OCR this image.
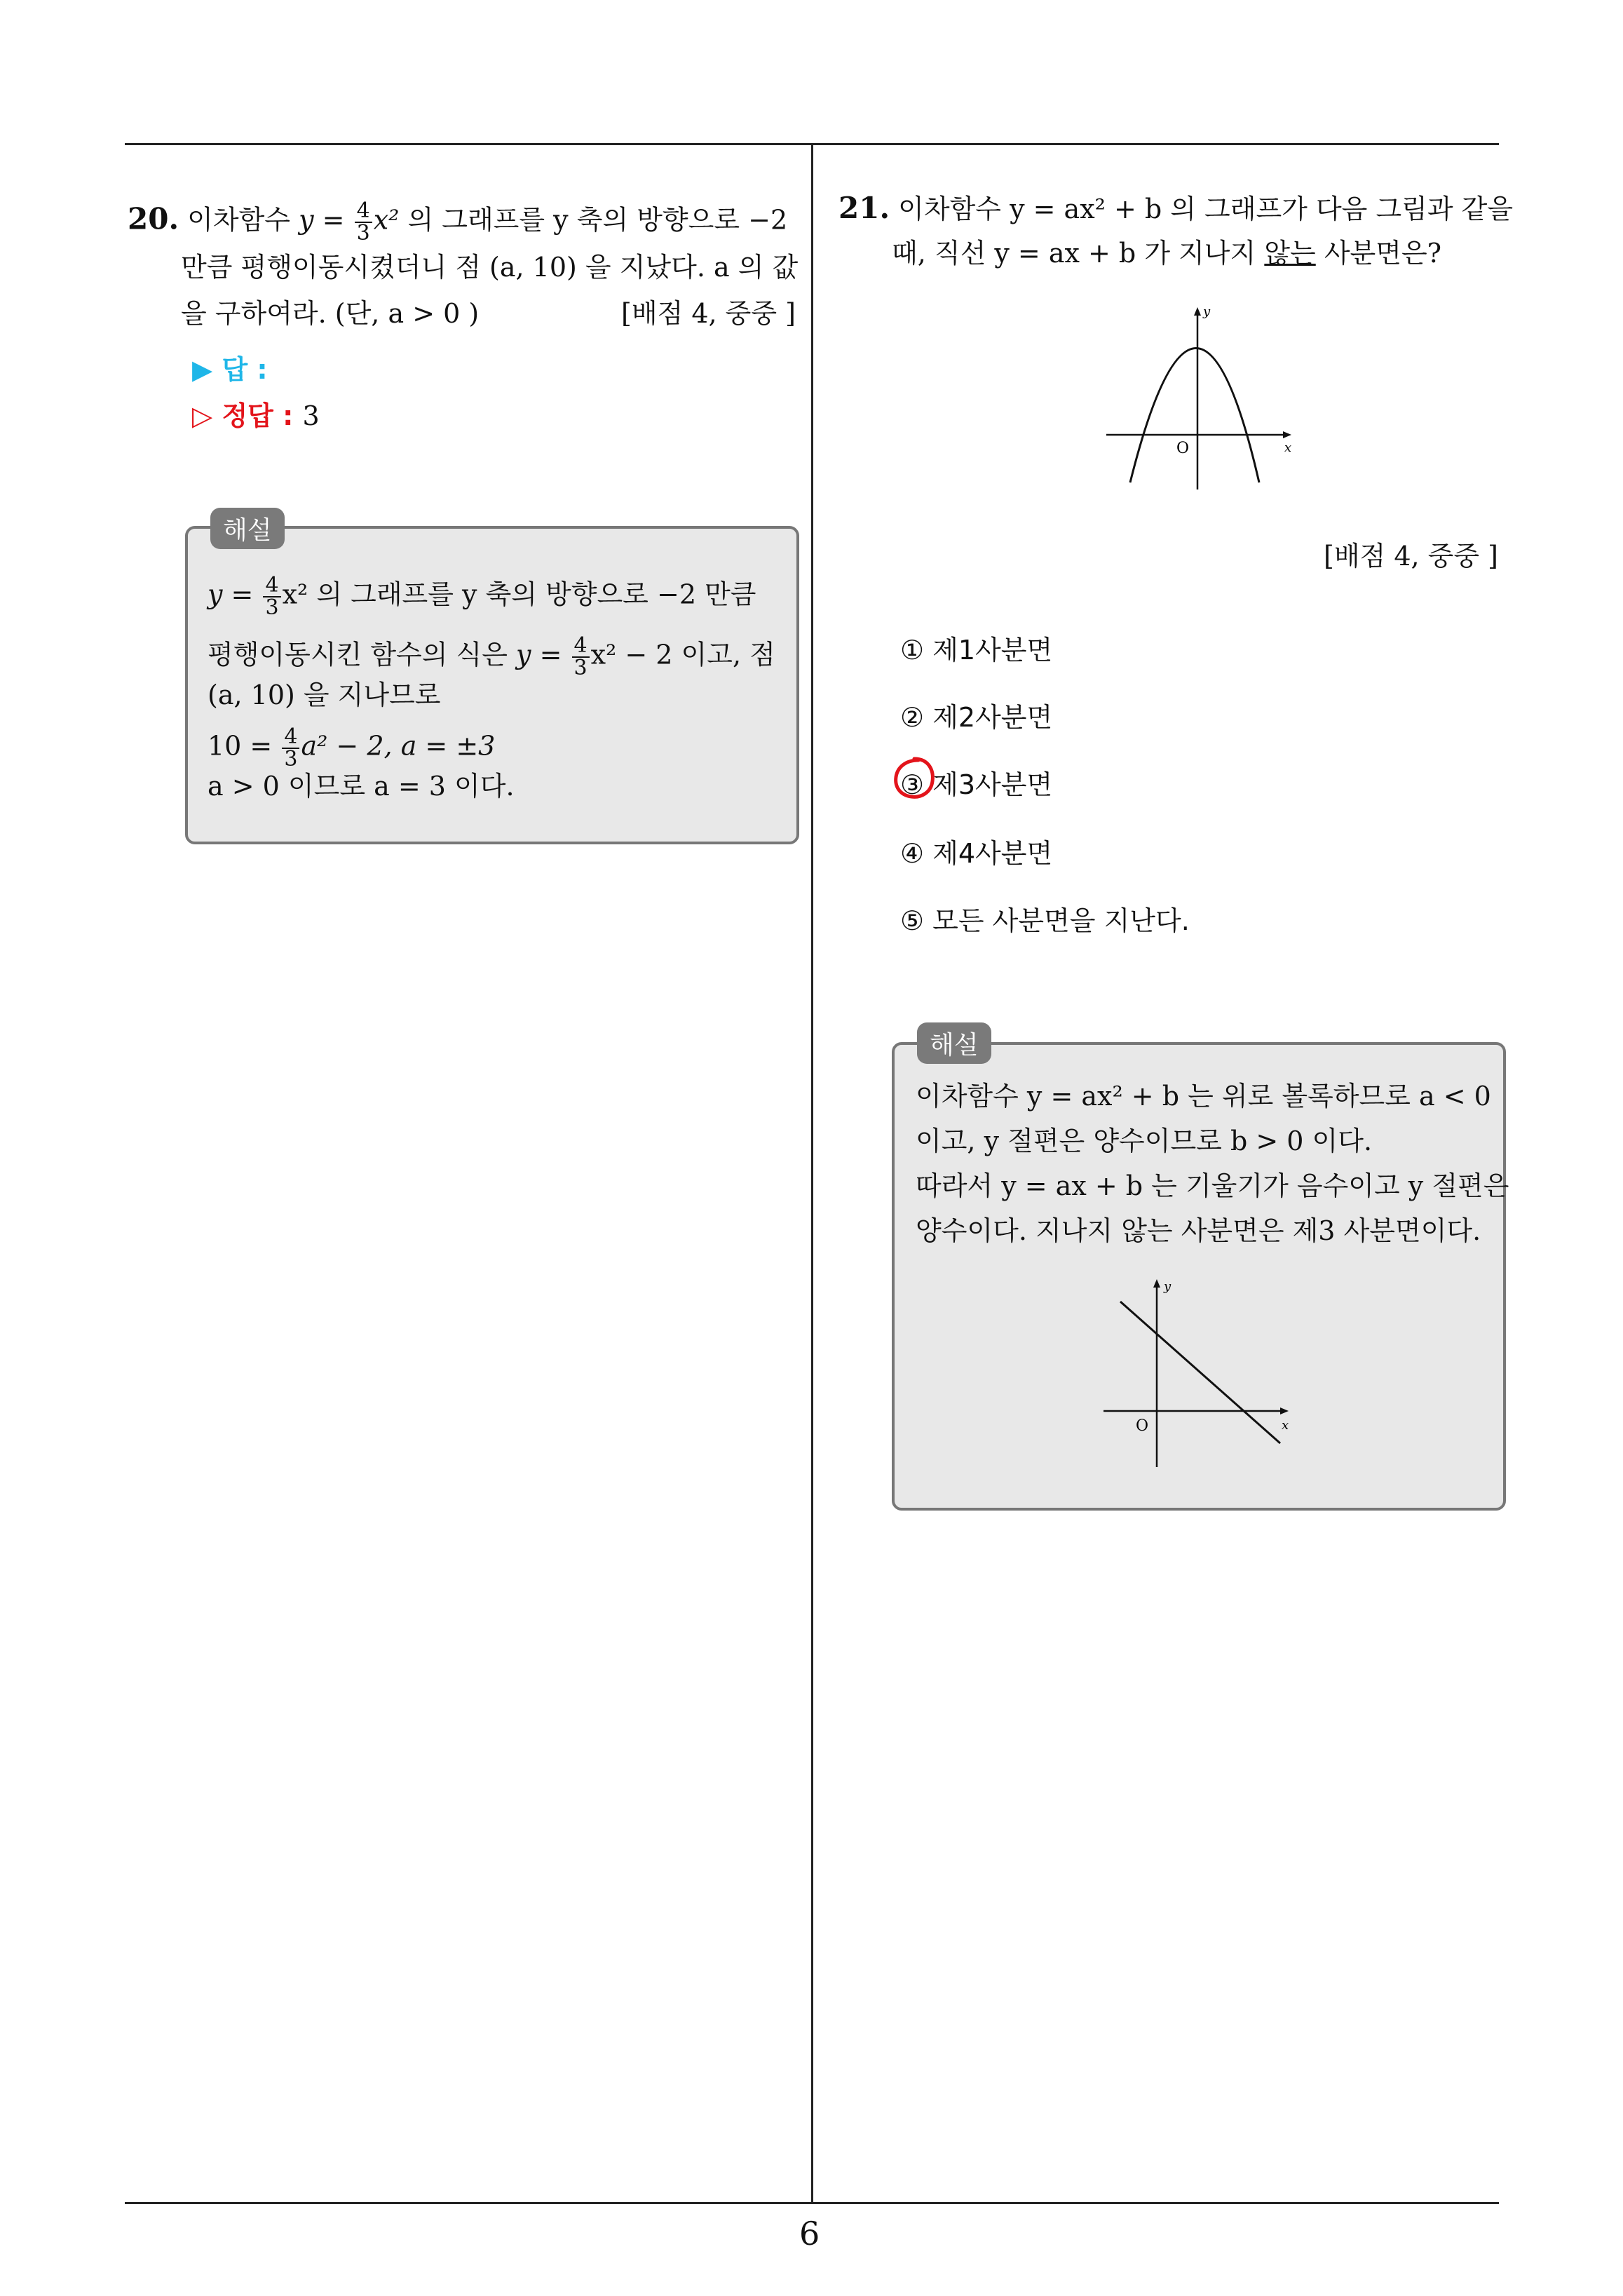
20. 이차함수 $y = \frac{4}{3} x^2$ 의 그래프를 y 축의 방향으로 −2
만큼 평행이동시켰더니 점 (a, 10) 을 지났다. a 의 값
을 구하여라. (단, a > 0 )	[배점 4, 중중 ]
▶ 답 :
▷ 정답 : 3
해설
$y = \frac{4}{3} x^2$ 의 그래프를 y 축의 방향으로 −2 만큼
평행이동시킨 함수의 식은 $y = \frac{4}{3} x^2 - 2$ 이고, 점
(a, 10) 을 지나므로
$10 = \frac{4}{3} a^2 - 2$, a = ±3
a > 0 이므로 a = 3 이다.
21. 이차함수 y = ax² + b 의 그래프가 다음 그림과 같을
때, 직선 y = ax + b 가 지나지 않는 사분면은?
y
x
O
[배점 4, 중중 ]
① 제1사분면
② 제2사분면
③ 제3사분면
④ 제4사분면
⑤ 모든 사분면을 지난다.
해설
이차함수 y = ax² + b 는 위로 볼록하므로 a < 0
이고, y 절편은 양수이므로 b > 0 이다.
따라서 y = ax + b 는 기울기가 음수이고 y 절편은
양수이다. 지나지 않는 사분면은 제3 사분면이다.
y
x
O
6
